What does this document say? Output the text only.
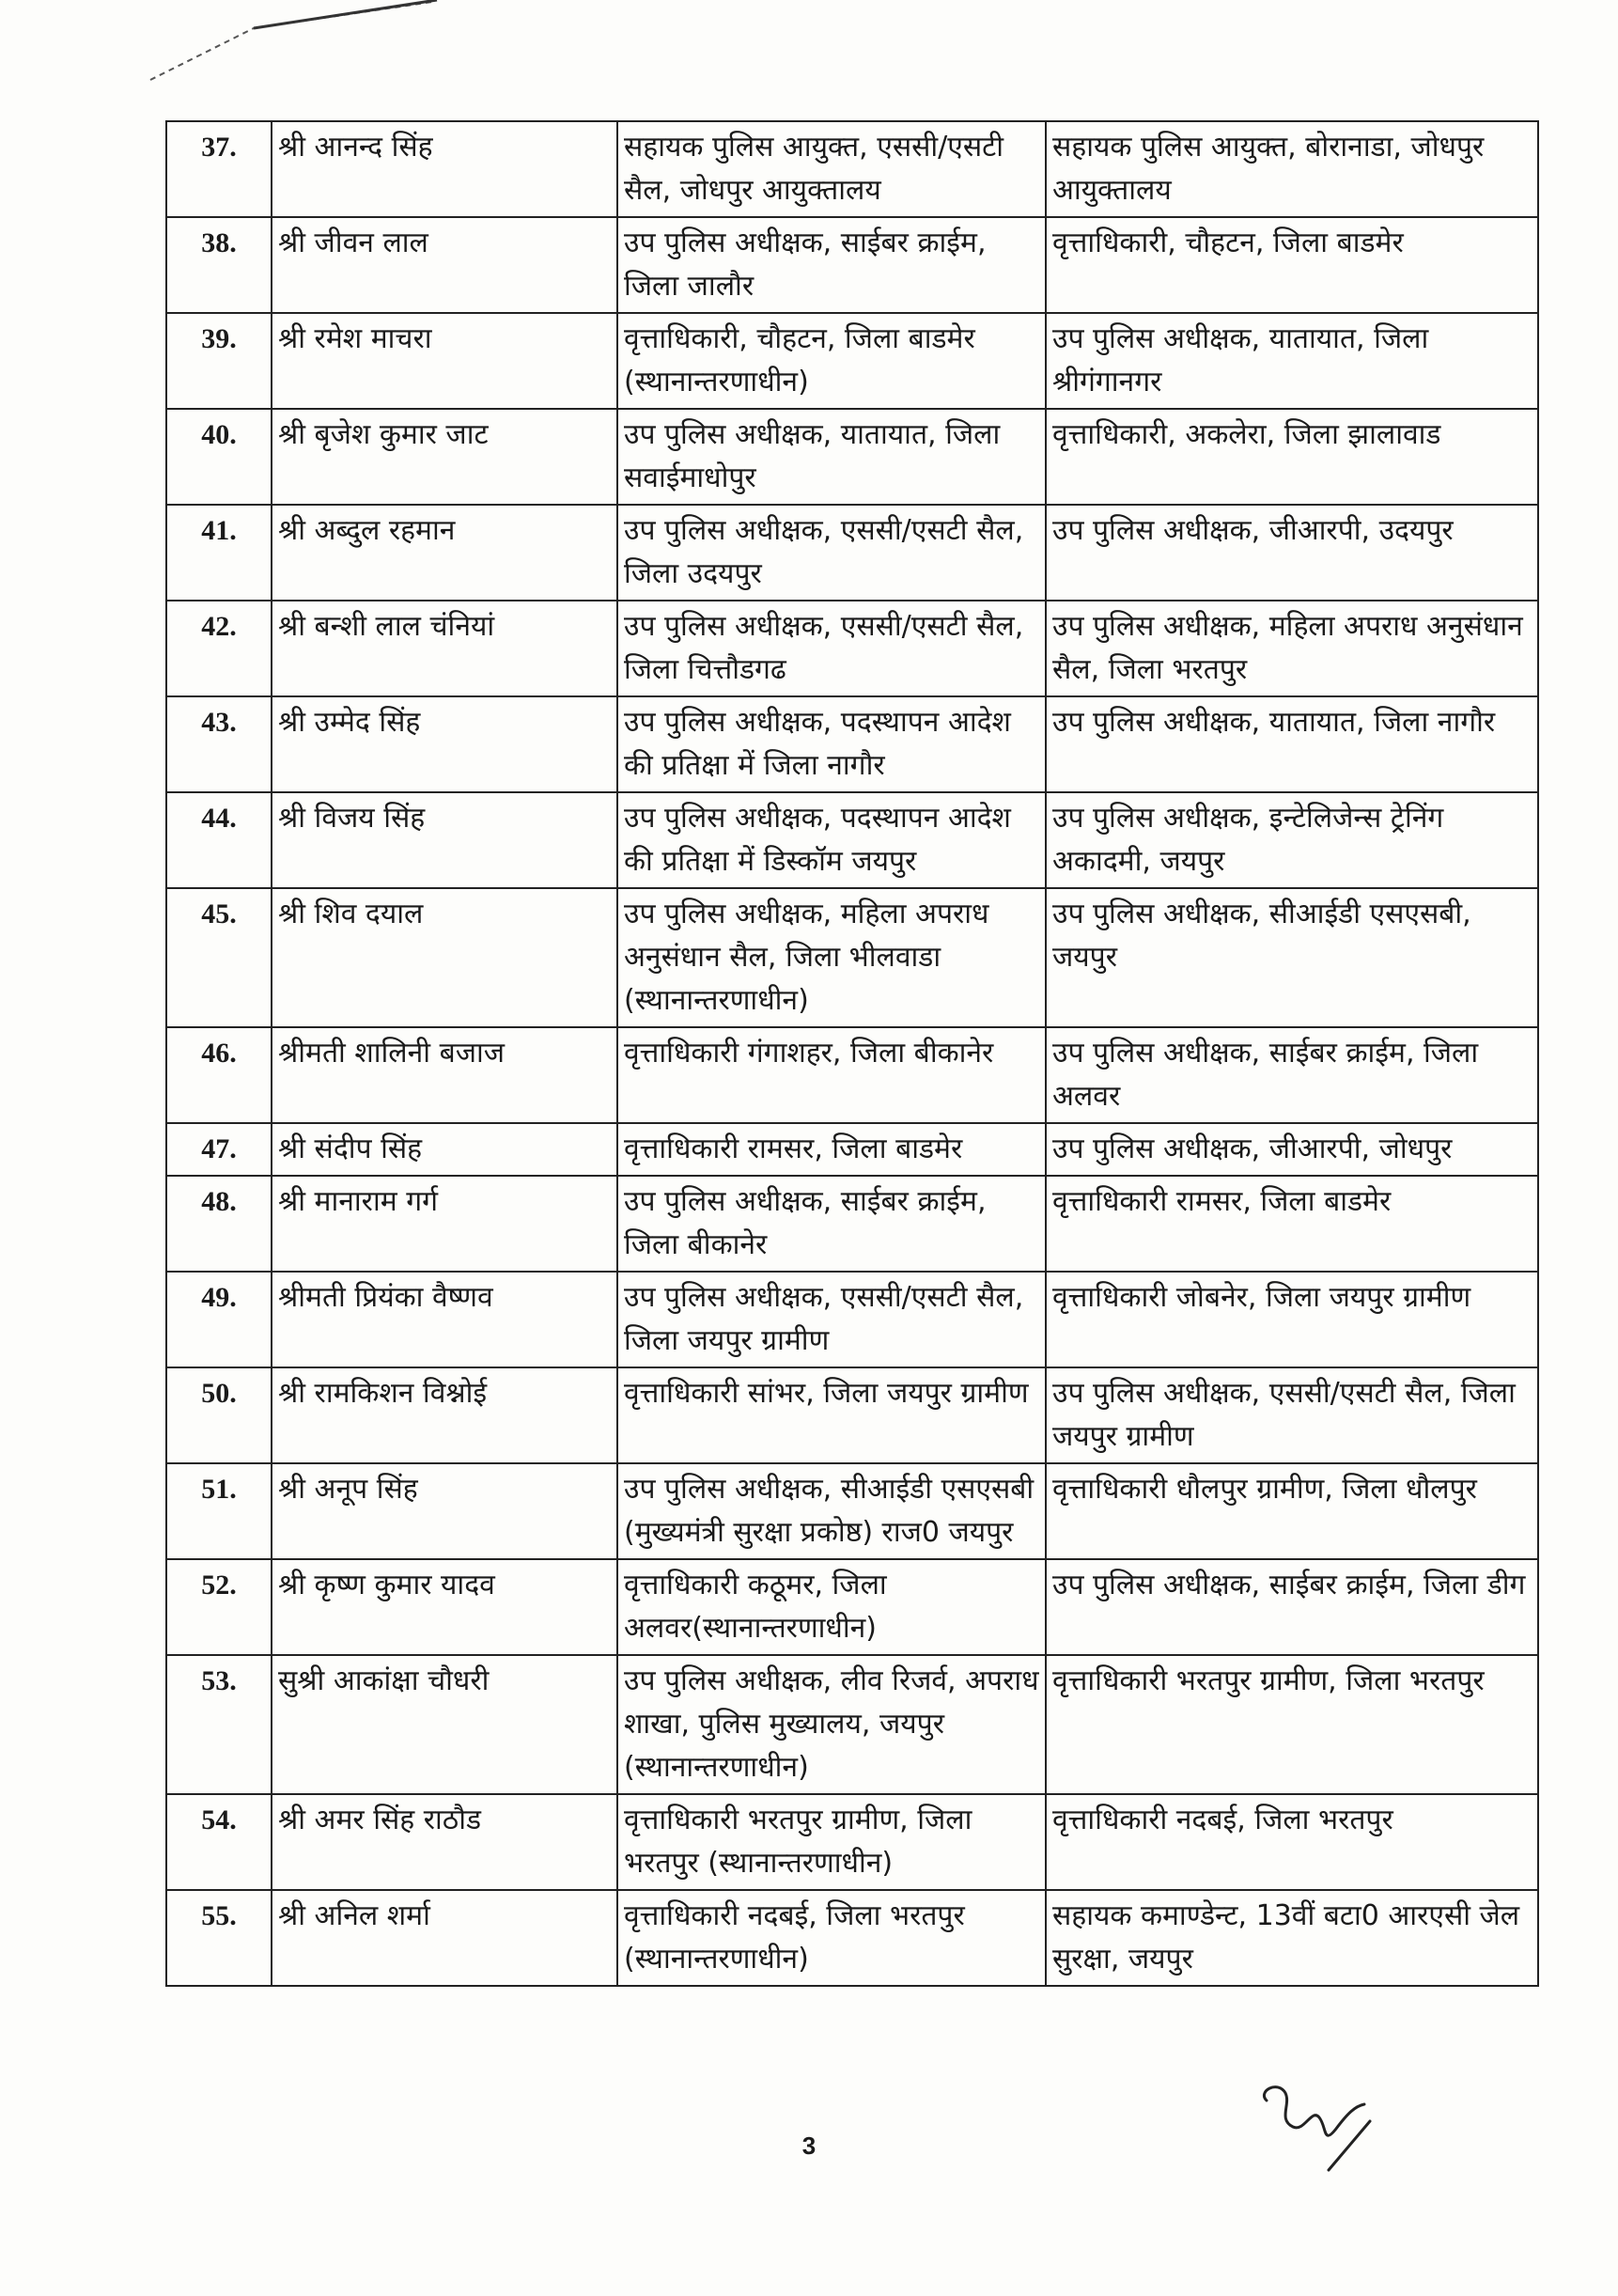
37.	श्री आनन्द सिंह	सहायक पुलिस आयुक्त, एससी/एसटी सैल, जोधपुर आयुक्तालय	सहायक पुलिस आयुक्त, बोरानाडा, जोधपुर आयुक्तालय
38.	श्री जीवन लाल	उप पुलिस अधीक्षक, साईबर क्राईम, जिला जालौर	वृत्ताधिकारी, चौहटन, जिला बाडमेर
39.	श्री रमेश माचरा	वृत्ताधिकारी, चौहटन, जिला बाडमेर (स्थानान्तरणाधीन)	उप पुलिस अधीक्षक, यातायात, जिला श्रीगंगानगर
40.	श्री बृजेश कुमार जाट	उप पुलिस अधीक्षक, यातायात, जिला सवाईमाधोपुर	वृत्ताधिकारी, अकलेरा, जिला झालावाड
41.	श्री अब्दुल रहमान	उप पुलिस अधीक्षक, एससी/एसटी सैल, जिला उदयपुर	उप पुलिस अधीक्षक, जीआरपी, उदयपुर
42.	श्री बन्शी लाल चंनियां	उप पुलिस अधीक्षक, एससी/एसटी सैल, जिला चित्तौडगढ	उप पुलिस अधीक्षक, महिला अपराध अनुसंधान सैल, जिला भरतपुर
43.	श्री उम्मेद सिंह	उप पुलिस अधीक्षक, पदस्थापन आदेश की प्रतिक्षा में जिला नागौर	उप पुलिस अधीक्षक, यातायात, जिला नागौर
44.	श्री विजय सिंह	उप पुलिस अधीक्षक, पदस्थापन आदेश की प्रतिक्षा में डिस्कॉम जयपुर	उप पुलिस अधीक्षक, इन्टेलिजेन्स ट्रेनिंग अकादमी, जयपुर
45.	श्री शिव दयाल	उप पुलिस अधीक्षक, महिला अपराध अनुसंधान सैल, जिला भीलवाडा (स्थानान्तरणाधीन)	उप पुलिस अधीक्षक, सीआईडी एसएसबी, जयपुर
46.	श्रीमती शालिनी बजाज	वृत्ताधिकारी गंगाशहर, जिला बीकानेर	उप पुलिस अधीक्षक, साईबर क्राईम, जिला अलवर
47.	श्री संदीप सिंह	वृत्ताधिकारी रामसर, जिला बाडमेर	उप पुलिस अधीक्षक, जीआरपी, जोधपुर
48.	श्री मानाराम गर्ग	उप पुलिस अधीक्षक, साईबर क्राईम, जिला बीकानेर	वृत्ताधिकारी रामसर, जिला बाडमेर
49.	श्रीमती प्रियंका वैष्णव	उप पुलिस अधीक्षक, एससी/एसटी सैल, जिला जयपुर ग्रामीण	वृत्ताधिकारी जोबनेर, जिला जयपुर ग्रामीण
50.	श्री रामकिशन विश्नोई	वृत्ताधिकारी सांभर, जिला जयपुर ग्रामीण	उप पुलिस अधीक्षक, एससी/एसटी सैल, जिला जयपुर ग्रामीण
51.	श्री अनूप सिंह	उप पुलिस अधीक्षक, सीआईडी एसएसबी (मुख्यमंत्री सुरक्षा प्रकोष्ठ) राज0 जयपुर	वृत्ताधिकारी धौलपुर ग्रामीण, जिला धौलपुर
52.	श्री कृष्ण कुमार यादव	वृत्ताधिकारी कठूमर, जिला अलवर(स्थानान्तरणाधीन)	उप पुलिस अधीक्षक, साईबर क्राईम, जिला डीग
53.	सुश्री आकांक्षा चौधरी	उप पुलिस अधीक्षक, लीव रिजर्व, अपराध शाखा, पुलिस मुख्यालय, जयपुर (स्थानान्तरणाधीन)	वृत्ताधिकारी भरतपुर ग्रामीण, जिला भरतपुर
54.	श्री अमर सिंह राठौड	वृत्ताधिकारी भरतपुर ग्रामीण, जिला भरतपुर (स्थानान्तरणाधीन)	वृत्ताधिकारी नदबई, जिला भरतपुर
55.	श्री अनिल शर्मा	वृत्ताधिकारी नदबई, जिला भरतपुर (स्थानान्तरणाधीन)	सहायक कमाण्डेन्ट, 13वीं बटा0 आरएसी जेल सुरक्षा, जयपुर
3
